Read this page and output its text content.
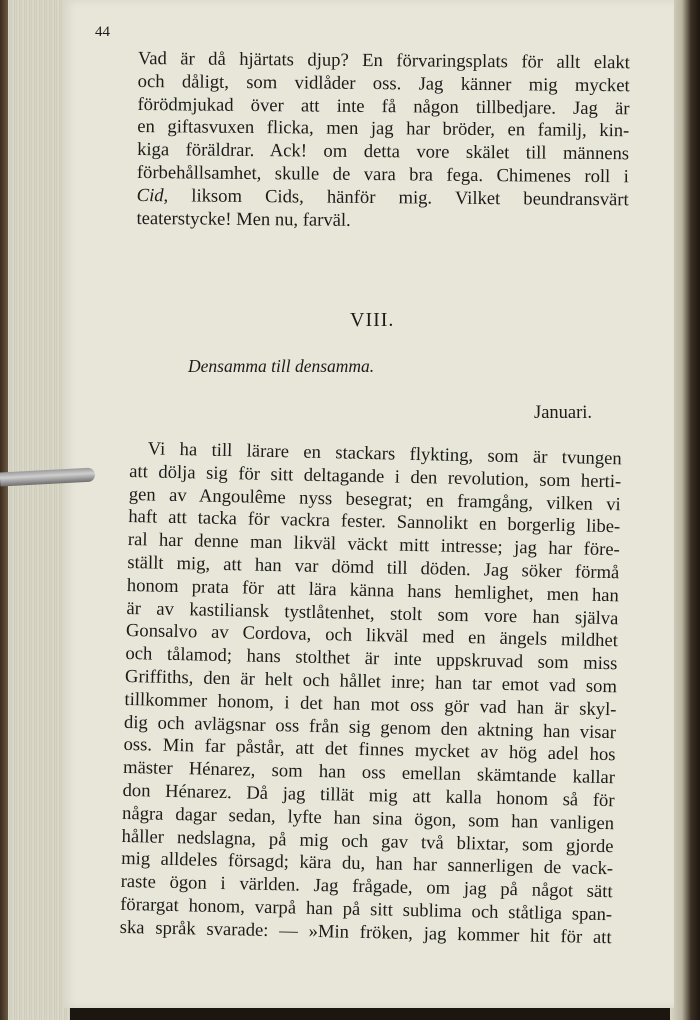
44
Vad är då hjärtats djup? En förvaringsplats för allt elakt
och dåligt, som vidlåder oss. Jag känner mig mycket
förödmjukad över att inte få någon tillbedjare. Jag är
en giftasvuxen flicka, men jag har bröder, en familj, kin-
kiga föräldrar. Ack! om detta vore skälet till männens
förbehållsamhet, skulle de vara bra fega. Chimenes roll i
Cid, liksom Cids, hänför mig. Vilket beundransvärt
teaterstycke! Men nu, farväl.
VIII.
Densamma till densamma.
Januari.
Vi ha till lärare en stackars flykting, som är tvungen
att dölja sig för sitt deltagande i den revolution, som herti-
gen av Angoulême nyss besegrat; en framgång, vilken vi
haft att tacka för vackra fester. Sannolikt en borgerlig libe-
ral har denne man likväl väckt mitt intresse; jag har före-
ställt mig, att han var dömd till döden. Jag söker förmå
honom prata för att lära känna hans hemlighet, men han
är av kastiliansk tystlåtenhet, stolt som vore han själva
Gonsalvo av Cordova, och likväl med en ängels mildhet
och tålamod; hans stolthet är inte uppskruvad som miss
Griffiths, den är helt och hållet inre; han tar emot vad som
tillkommer honom, i det han mot oss gör vad han är skyl-
dig och avlägsnar oss från sig genom den aktning han visar
oss. Min far påstår, att det finnes mycket av hög adel hos
mäster Hénarez, som han oss emellan skämtande kallar
don Hénarez. Då jag tillät mig att kalla honom så för
några dagar sedan, lyfte han sina ögon, som han vanligen
håller nedslagna, på mig och gav två blixtar, som gjorde
mig alldeles försagd; kära du, han har sannerligen de vack-
raste ögon i världen. Jag frågade, om jag på något sätt
förargat honom, varpå han på sitt sublima och ståtliga span-
ska språk svarade: — »Min fröken, jag kommer hit för att
